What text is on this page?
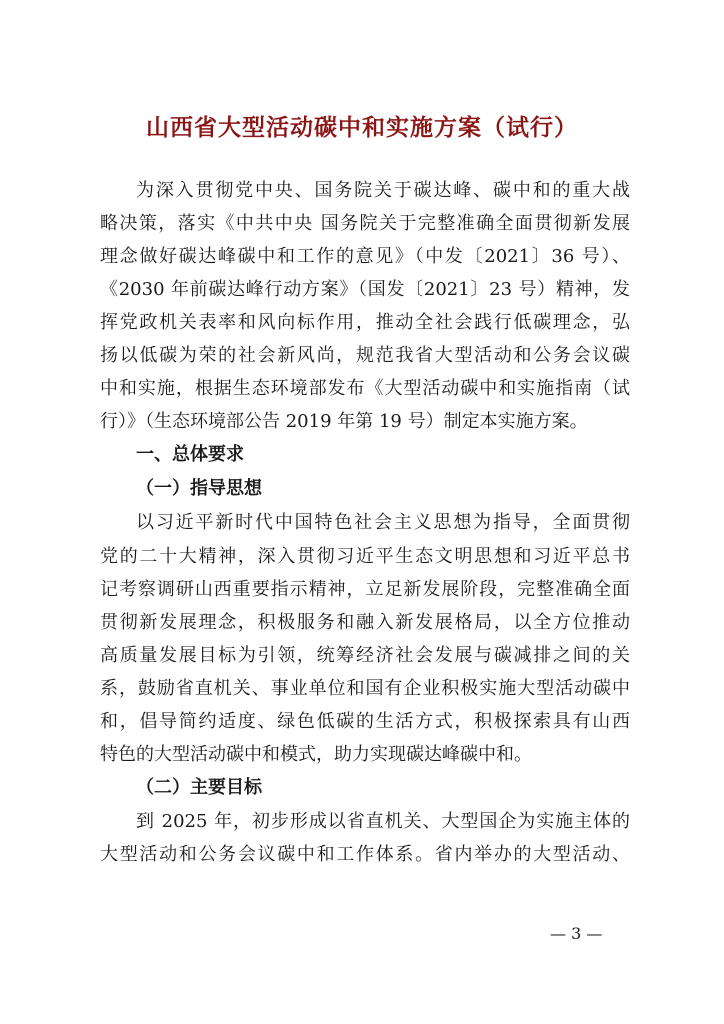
山西省大型活动碳中和实施方案（试行）
为深入贯彻党中央、国务院关于碳达峰、碳中和的重大战
略决策，落实《中共中央 国务院关于完整准确全面贯彻新发展
理念做好碳达峰碳中和工作的意见》（中发〔2021〕36 号）、
《2030 年前碳达峰行动方案》（国发〔2021〕23 号）精神，发
挥党政机关表率和风向标作用，推动全社会践行低碳理念，弘
扬以低碳为荣的社会新风尚，规范我省大型活动和公务会议碳
中和实施，根据生态环境部发布《大型活动碳中和实施指南（试
行）》（生态环境部公告 2019 年第 19 号）制定本实施方案。
一、总体要求
（一）指导思想
以习近平新时代中国特色社会主义思想为指导，全面贯彻
党的二十大精神，深入贯彻习近平生态文明思想和习近平总书
记考察调研山西重要指示精神，立足新发展阶段，完整准确全面
贯彻新发展理念，积极服务和融入新发展格局，以全方位推动
高质量发展目标为引领，统筹经济社会发展与碳减排之间的关
系，鼓励省直机关、事业单位和国有企业积极实施大型活动碳中
和，倡导简约适度、绿色低碳的生活方式，积极探索具有山西
特色的大型活动碳中和模式，助力实现碳达峰碳中和。
（二）主要目标
到 2025 年，初步形成以省直机关、大型国企为实施主体的
大型活动和公务会议碳中和工作体系。省内举办的大型活动、
— 3 —
